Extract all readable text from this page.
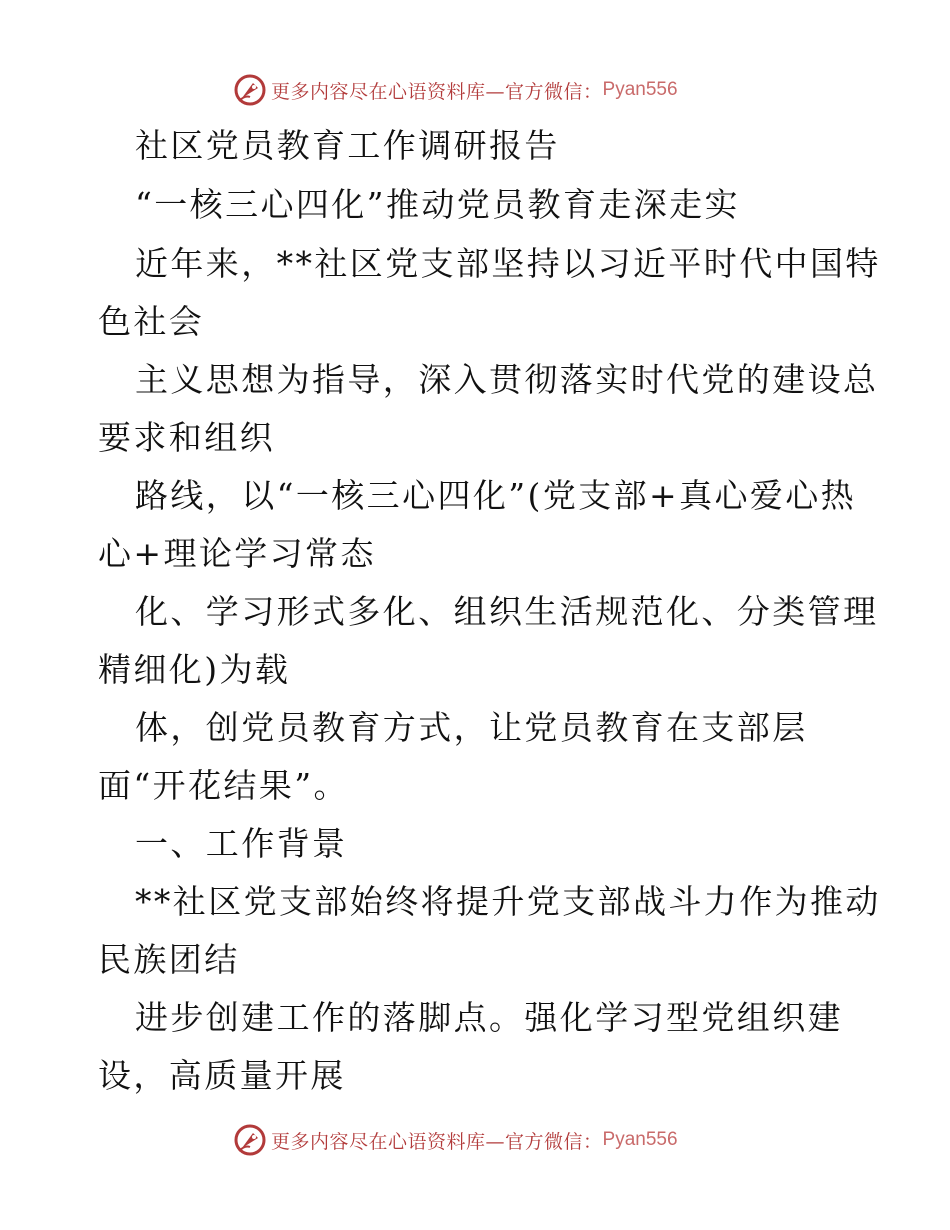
更多内容尽在心语资料库—官方微信： Pyan556
社区党员教育工作调研报告
“一核三心四化”推动党员教育走深走实
近年来，**社区党支部坚持以习近平时代中国特
色社会
主义思想为指导，深入贯彻落实时代党的建设总
要求和组织
路线，以“一核三心四化”(党支部+真心爱心热
心+理论学习常态
化、学习形式多化、组织生活规范化、分类管理
精细化)为载
体，创党员教育方式，让党员教育在支部层
面“开花结果”。
一、工作背景
**社区党支部始终将提升党支部战斗力作为推动
民族团结
进步创建工作的落脚点。强化学习型党组织建
设，高质量开展
更多内容尽在心语资料库—官方微信： Pyan556
